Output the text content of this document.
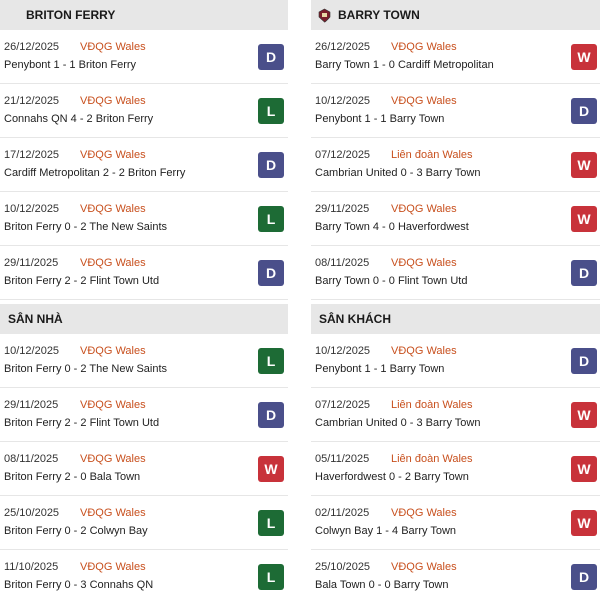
BRITON FERRY
26/12/2025 VĐQG Wales
Penybont 1 - 1 Briton Ferry	D
21/12/2025 VĐQG Wales
Connahs QN 4 - 2 Briton Ferry	L
17/12/2025 VĐQG Wales
Cardiff Metropolitan 2 - 2 Briton Ferry	D
10/12/2025 VĐQG Wales
Briton Ferry 0 - 2 The New Saints	L
29/11/2025 VĐQG Wales
Briton Ferry 2 - 2 Flint Town Utd	D
BARRY TOWN
26/12/2025 VĐQG Wales
Barry Town 1 - 0 Cardiff Metropolitan	W
10/12/2025 VĐQG Wales
Penybont 1 - 1 Barry Town	D
07/12/2025 Liên đoàn Wales
Cambrian United 0 - 3 Barry Town	W
29/11/2025 VĐQG Wales
Barry Town 4 - 0 Haverfordwest	W
08/11/2025 VĐQG Wales
Barry Town 0 - 0 Flint Town Utd	D
SÂN NHÀ
10/12/2025 VĐQG Wales
Briton Ferry 0 - 2 The New Saints	L
29/11/2025 VĐQG Wales
Briton Ferry 2 - 2 Flint Town Utd	D
08/11/2025 VĐQG Wales
Briton Ferry 2 - 0 Bala Town	W
25/10/2025 VĐQG Wales
Briton Ferry 0 - 2 Colwyn Bay	L
11/10/2025 VĐQG Wales
Briton Ferry 0 - 3 Connahs QN	L
SÂN KHÁCH
10/12/2025 VĐQG Wales
Penybont 1 - 1 Barry Town	D
07/12/2025 Liên đoàn Wales
Cambrian United 0 - 3 Barry Town	W
05/11/2025 Liên đoàn Wales
Haverfordwest 0 - 2 Barry Town	W
02/11/2025 VĐQG Wales
Colwyn Bay 1 - 4 Barry Town	W
25/10/2025 VĐQG Wales
Bala Town 0 - 0 Barry Town	D
